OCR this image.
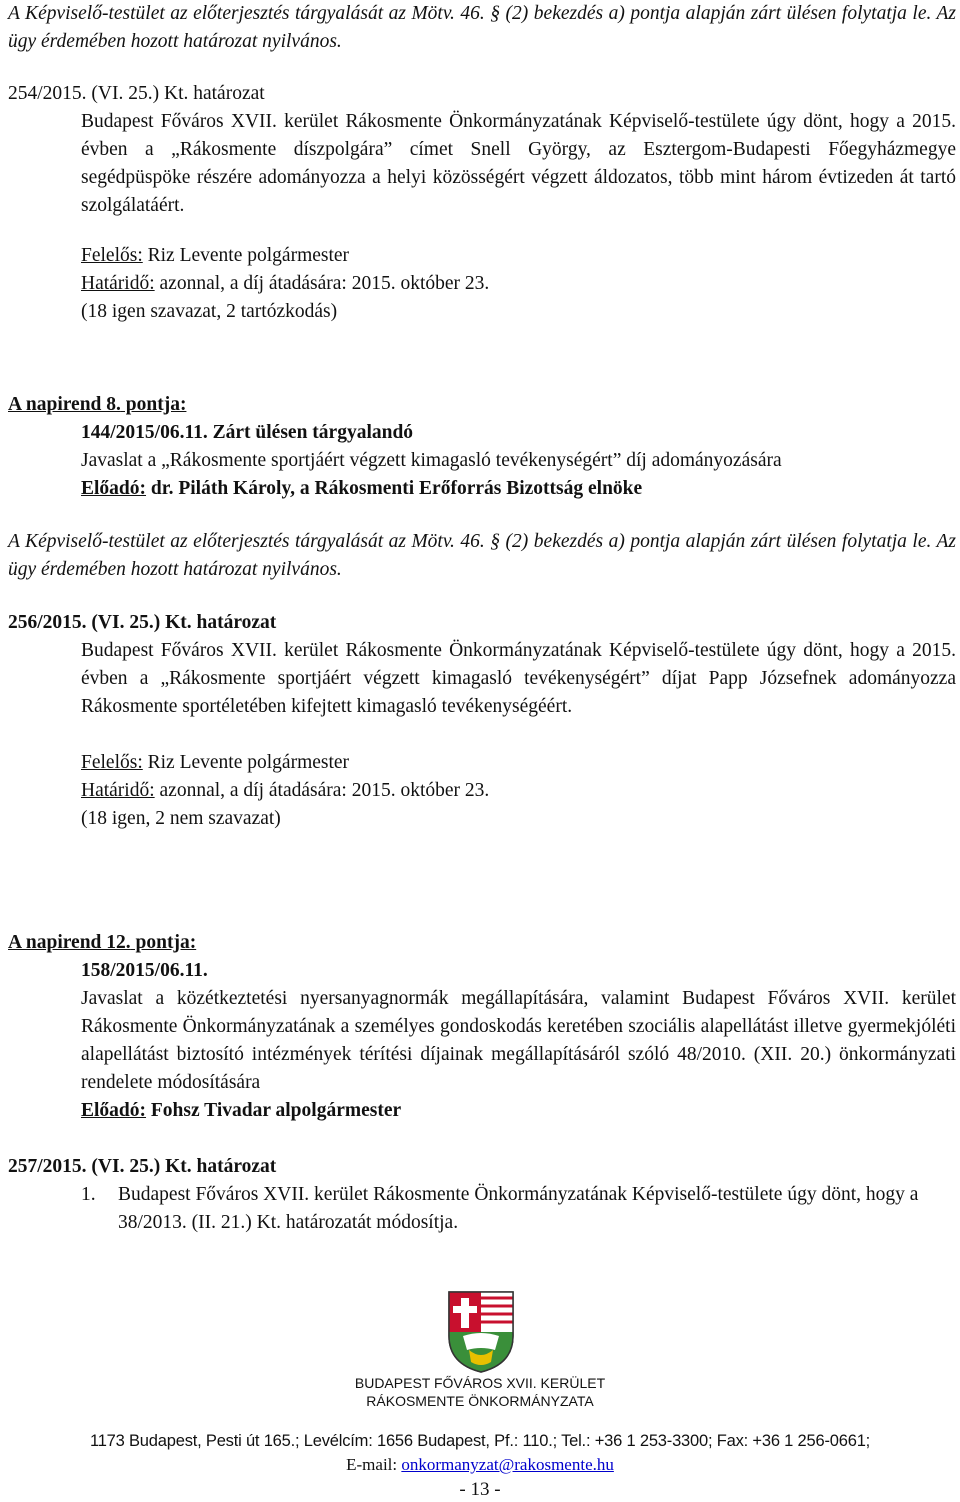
A Képviselő-testület az előterjesztés tárgyalását az Mötv. 46. § (2) bekezdés a) pontja alapján zárt ülésen folytatja le. Az ügy érdemében hozott határozat nyilvános.

254/2015. (VI. 25.) Kt. határozat

Budapest Főváros XVII. kerület Rákosmente Önkormányzatának Képviselő-testülete úgy dönt, hogy a 2015. évben a „Rákosmente díszpolgára” címet Snell György, az Esztergom-Budapesti Főegyházmegye segédpüspöke részére adományozza a helyi közösségért végzett áldozatos, több mint három évtizeden át tartó szolgálatáért.

Felelős: Riz Levente polgármester

Határidő: azonnal, a díj átadására: 2015. október 23.

(18 igen szavazat, 2 tartózkodás)

A napirend 8. pontja:

144/2015/06.11. Zárt ülésen tárgyalandó

Javaslat a „Rákosmente sportjáért végzett kimagasló tevékenységért” díj adományozására

Előadó: dr. Piláth Károly, a Rákosmenti Erőforrás Bizottság elnöke

A Képviselő-testület az előterjesztés tárgyalását az Mötv. 46. § (2) bekezdés a) pontja alapján zárt ülésen folytatja le. Az ügy érdemében hozott határozat nyilvános.

256/2015. (VI. 25.) Kt. határozat

Budapest Főváros XVII. kerület Rákosmente Önkormányzatának Képviselő-testülete úgy dönt, hogy a 2015. évben a „Rákosmente sportjáért végzett kimagasló tevékenységért” díjat Papp Józsefnek adományozza Rákosmente sportéletében kifejtett kimagasló tevékenységéért.

Felelős: Riz Levente polgármester

Határidő: azonnal, a díj átadására: 2015. október 23.

(18 igen, 2 nem szavazat)

A napirend 12. pontja:

158/2015/06.11.

Javaslat a közétkeztetési nyersanyagnormák megállapítására, valamint Budapest Főváros XVII. kerület Rákosmente Önkormányzatának a személyes gondoskodás keretében szociális alapellátást illetve gyermekjóléti alapellátást biztosító intézmények térítési díjainak megállapításáról szóló 48/2010. (XII. 20.) önkormányzati rendelete módosítására

Előadó: Fohsz Tivadar alpolgármester

257/2015. (VI. 25.) Kt. határozat

1.	Budapest Főváros XVII. kerület Rákosmente Önkormányzatának Képviselő-testülete úgy dönt, hogy a 38/2013. (II. 21.) Kt. határozatát módosítja.
BUDAPEST FŐVÁROS XVII. KERÜLET
RÁKOSMENTE ÖNKORMÁNYZATA
1173 Budapest, Pesti út 165.; Levélcím: 1656 Budapest, Pf.: 110.; Tel.: +36 1 253-3300; Fax: +36 1 256-0661;
E-mail: onkormanyzat@rakosmente.hu
- 13 -
